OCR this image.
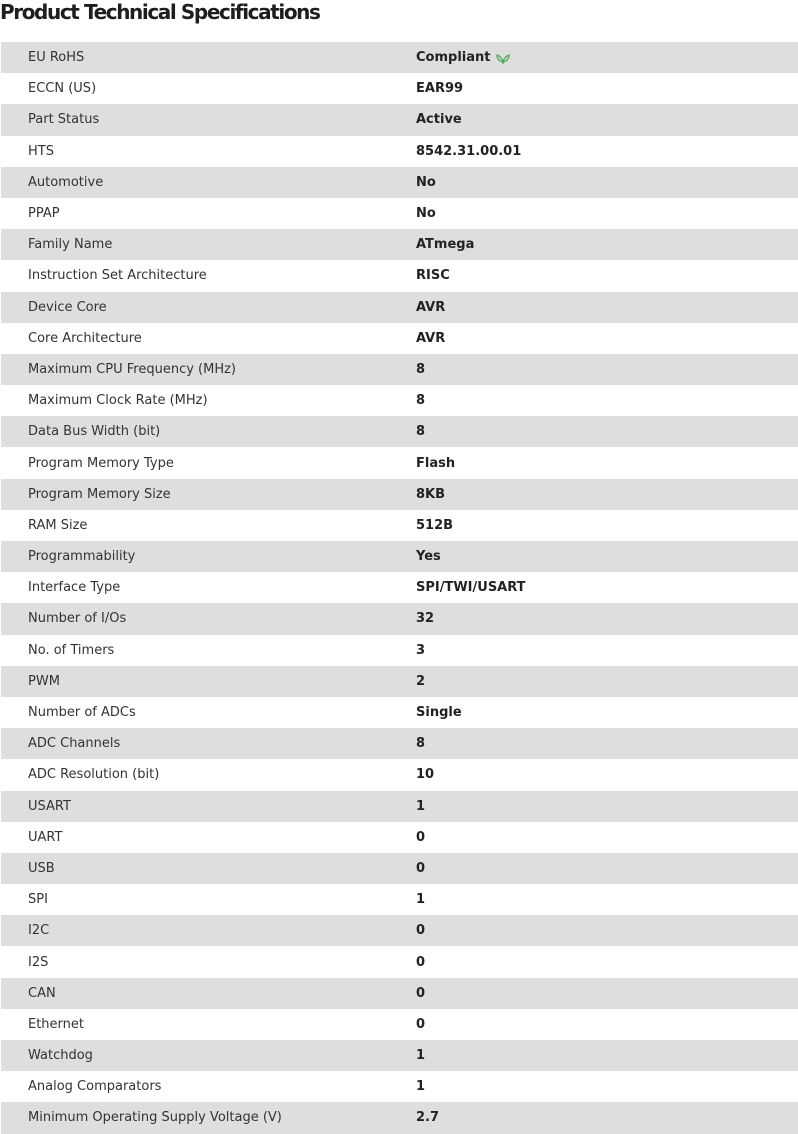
Product Technical Specifications
EU RoHS	Compliant
ECCN (US)	EAR99
Part Status	Active
HTS	8542.31.00.01
Automotive	No
PPAP	No
Family Name	ATmega
Instruction Set Architecture	RISC
Device Core	AVR
Core Architecture	AVR
Maximum CPU Frequency (MHz)	8
Maximum Clock Rate (MHz)	8
Data Bus Width (bit)	8
Program Memory Type	Flash
Program Memory Size	8KB
RAM Size	512B
Programmability	Yes
Interface Type	SPI/TWI/USART
Number of I/Os	32
No. of Timers	3
PWM	2
Number of ADCs	Single
ADC Channels	8
ADC Resolution (bit)	10
USART	1
UART	0
USB	0
SPI	1
I2C	0
I2S	0
CAN	0
Ethernet	0
Watchdog	1
Analog Comparators	1
Minimum Operating Supply Voltage (V)	2.7
